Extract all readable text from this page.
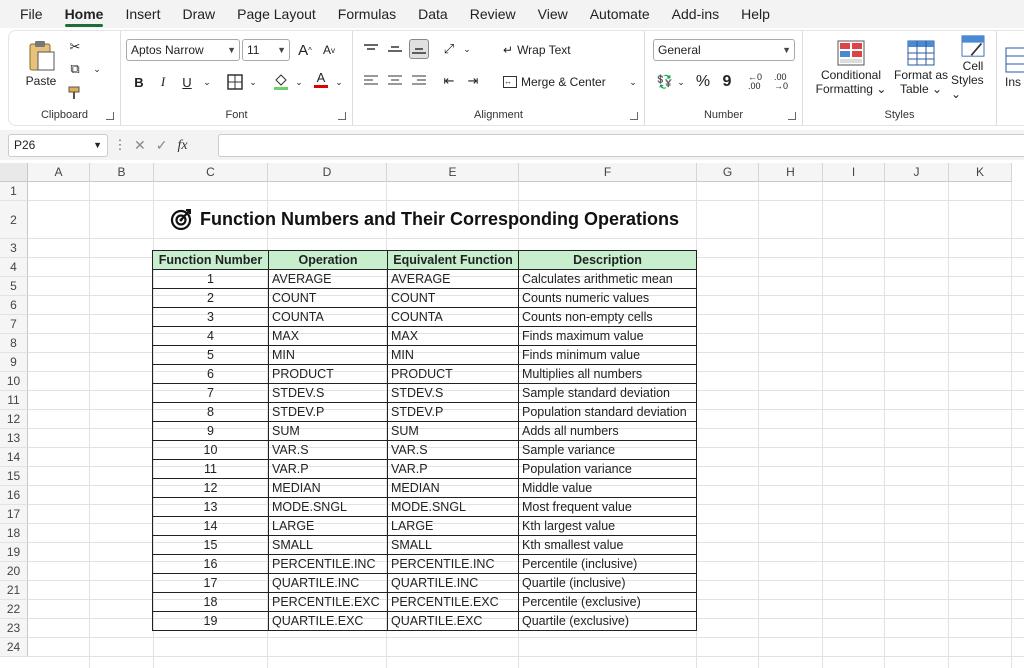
File Home Insert Draw Page Layout Formulas Data Review View Automate Add-ins Help
Paste
✂
⧉	⌄
Clipboard
Aptos Narrow	▼ 11 ▼ A ^ A v
B	I	U	⌄	⌄	⌄	A	⌄
Font
⤢	⌄
⇤	⇥
↵ Wrap Text
↔ Merge & Center	⌄
Alignment
General	▼
💱 ⌄ % 9	←0
.00
.00
→0
Number
Conditional
Formatting ⌄
Format as
Table ⌄
Cell
Styles ⌄
Styles
Ins
P26	▼ ⋮ ✕ ✓ fx
A	B	C	D	E	F	G	H	I	J	K
1
2
3
4
5
6
7
8
9
10
11
12
13
14
15
16
17
18
19
20
21
22
23
24
Function Numbers and Their Corresponding Operations
Function Number	Operation	Equivalent Function	Description
1	AVERAGE	AVERAGE	Calculates arithmetic mean
2	COUNT	COUNT	Counts numeric values
3	COUNTA	COUNTA	Counts non-empty cells
4	MAX	MAX	Finds maximum value
5	MIN	MIN	Finds minimum value
6	PRODUCT	PRODUCT	Multiplies all numbers
7	STDEV.S	STDEV.S	Sample standard deviation
8	STDEV.P	STDEV.P	Population standard deviation
9	SUM	SUM	Adds all numbers
10	VAR.S	VAR.S	Sample variance
11	VAR.P	VAR.P	Population variance
12	MEDIAN	MEDIAN	Middle value
13	MODE.SNGL	MODE.SNGL	Most frequent value
14	LARGE	LARGE	Kth largest value
15	SMALL	SMALL	Kth smallest value
16	PERCENTILE.INC	PERCENTILE.INC	Percentile (inclusive)
17	QUARTILE.INC	QUARTILE.INC	Quartile (inclusive)
18	PERCENTILE.EXC	PERCENTILE.EXC	Percentile (exclusive)
19	QUARTILE.EXC	QUARTILE.EXC	Quartile (exclusive)
